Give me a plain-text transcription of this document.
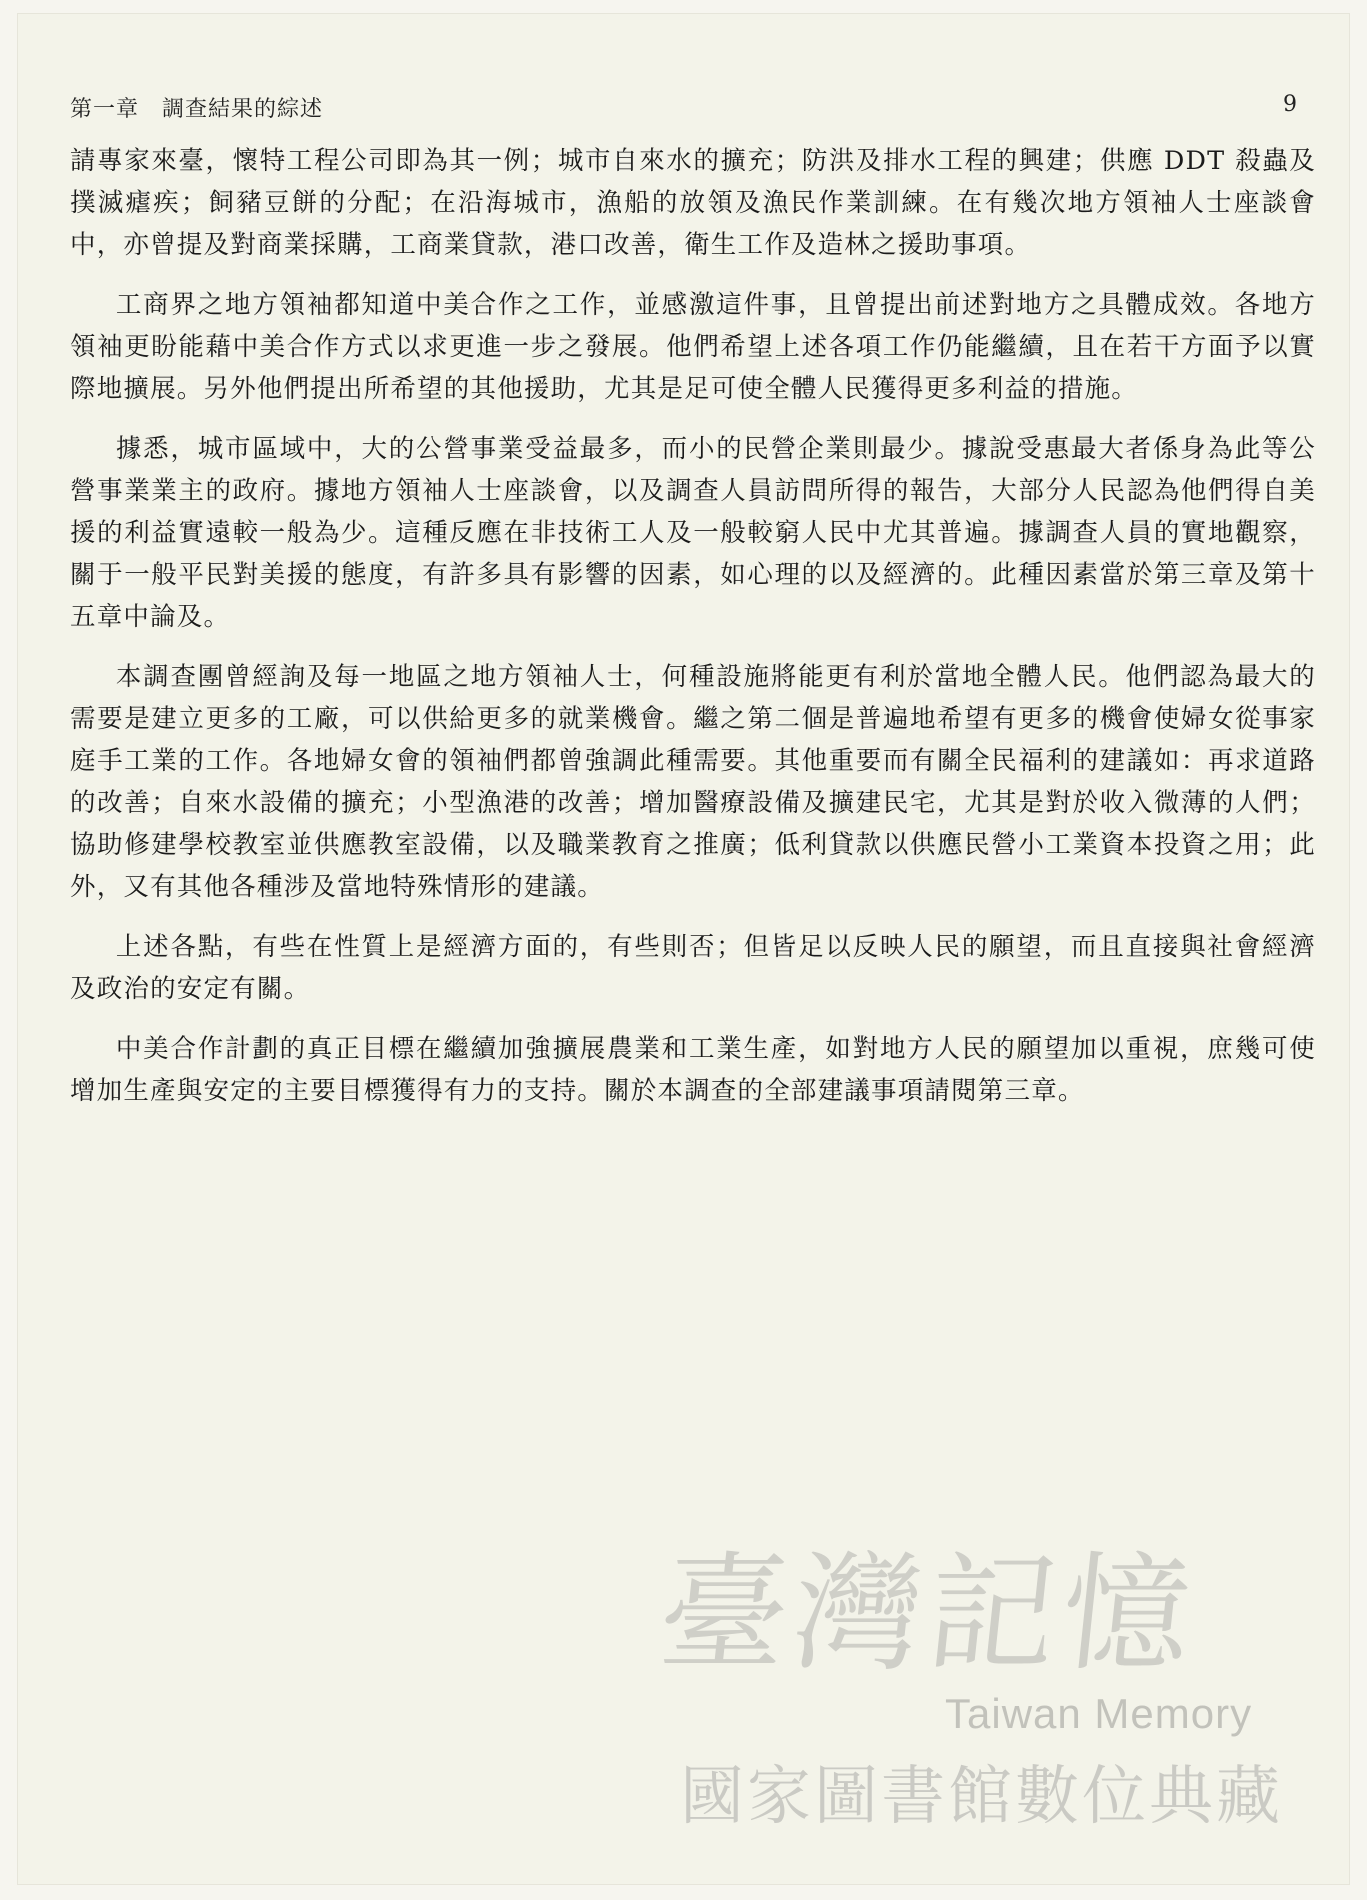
第一章　調查結果的綜述	9

請專家來臺，懷特工程公司即為其一例；城市自來水的擴充；防洪及排水工程的興建；供應 DDT 殺蟲及撲滅瘧疾；飼豬豆餅的分配；在沿海城市，漁船的放領及漁民作業訓練。在有幾次地方領袖人士座談會中，亦曾提及對商業採購，工商業貸款，港口改善，衛生工作及造林之援助事項。

工商界之地方領袖都知道中美合作之工作，並感激這件事，且曾提出前述對地方之具體成效。各地方領袖更盼能藉中美合作方式以求更進一步之發展。他們希望上述各項工作仍能繼續，且在若干方面予以實際地擴展。另外他們提出所希望的其他援助，尤其是足可使全體人民獲得更多利益的措施。

據悉，城市區域中，大的公營事業受益最多，而小的民營企業則最少。據說受惠最大者係身為此等公營事業業主的政府。據地方領袖人士座談會，以及調查人員訪問所得的報告，大部分人民認為他們得自美援的利益實遠較一般為少。這種反應在非技術工人及一般較窮人民中尤其普遍。據調查人員的實地觀察，關于一般平民對美援的態度，有許多具有影響的因素，如心理的以及經濟的。此種因素當於第三章及第十五章中論及。

本調查團曾經詢及每一地區之地方領袖人士，何種設施將能更有利於當地全體人民。他們認為最大的需要是建立更多的工廠，可以供給更多的就業機會。繼之第二個是普遍地希望有更多的機會使婦女從事家庭手工業的工作。各地婦女會的領袖們都曾強調此種需要。其他重要而有關全民福利的建議如：再求道路的改善；自來水設備的擴充；小型漁港的改善；增加醫療設備及擴建民宅，尤其是對於收入微薄的人們；協助修建學校教室並供應教室設備，以及職業教育之推廣；低利貸款以供應民營小工業資本投資之用；此外，又有其他各種涉及當地特殊情形的建議。

上述各點，有些在性質上是經濟方面的，有些則否；但皆足以反映人民的願望，而且直接與社會經濟及政治的安定有關。

中美合作計劃的真正目標在繼續加強擴展農業和工業生產，如對地方人民的願望加以重視，庶幾可使增加生產與安定的主要目標獲得有力的支持。關於本調查的全部建議事項請閱第三章。

臺灣記憶
Taiwan Memory
國家圖書館數位典藏
